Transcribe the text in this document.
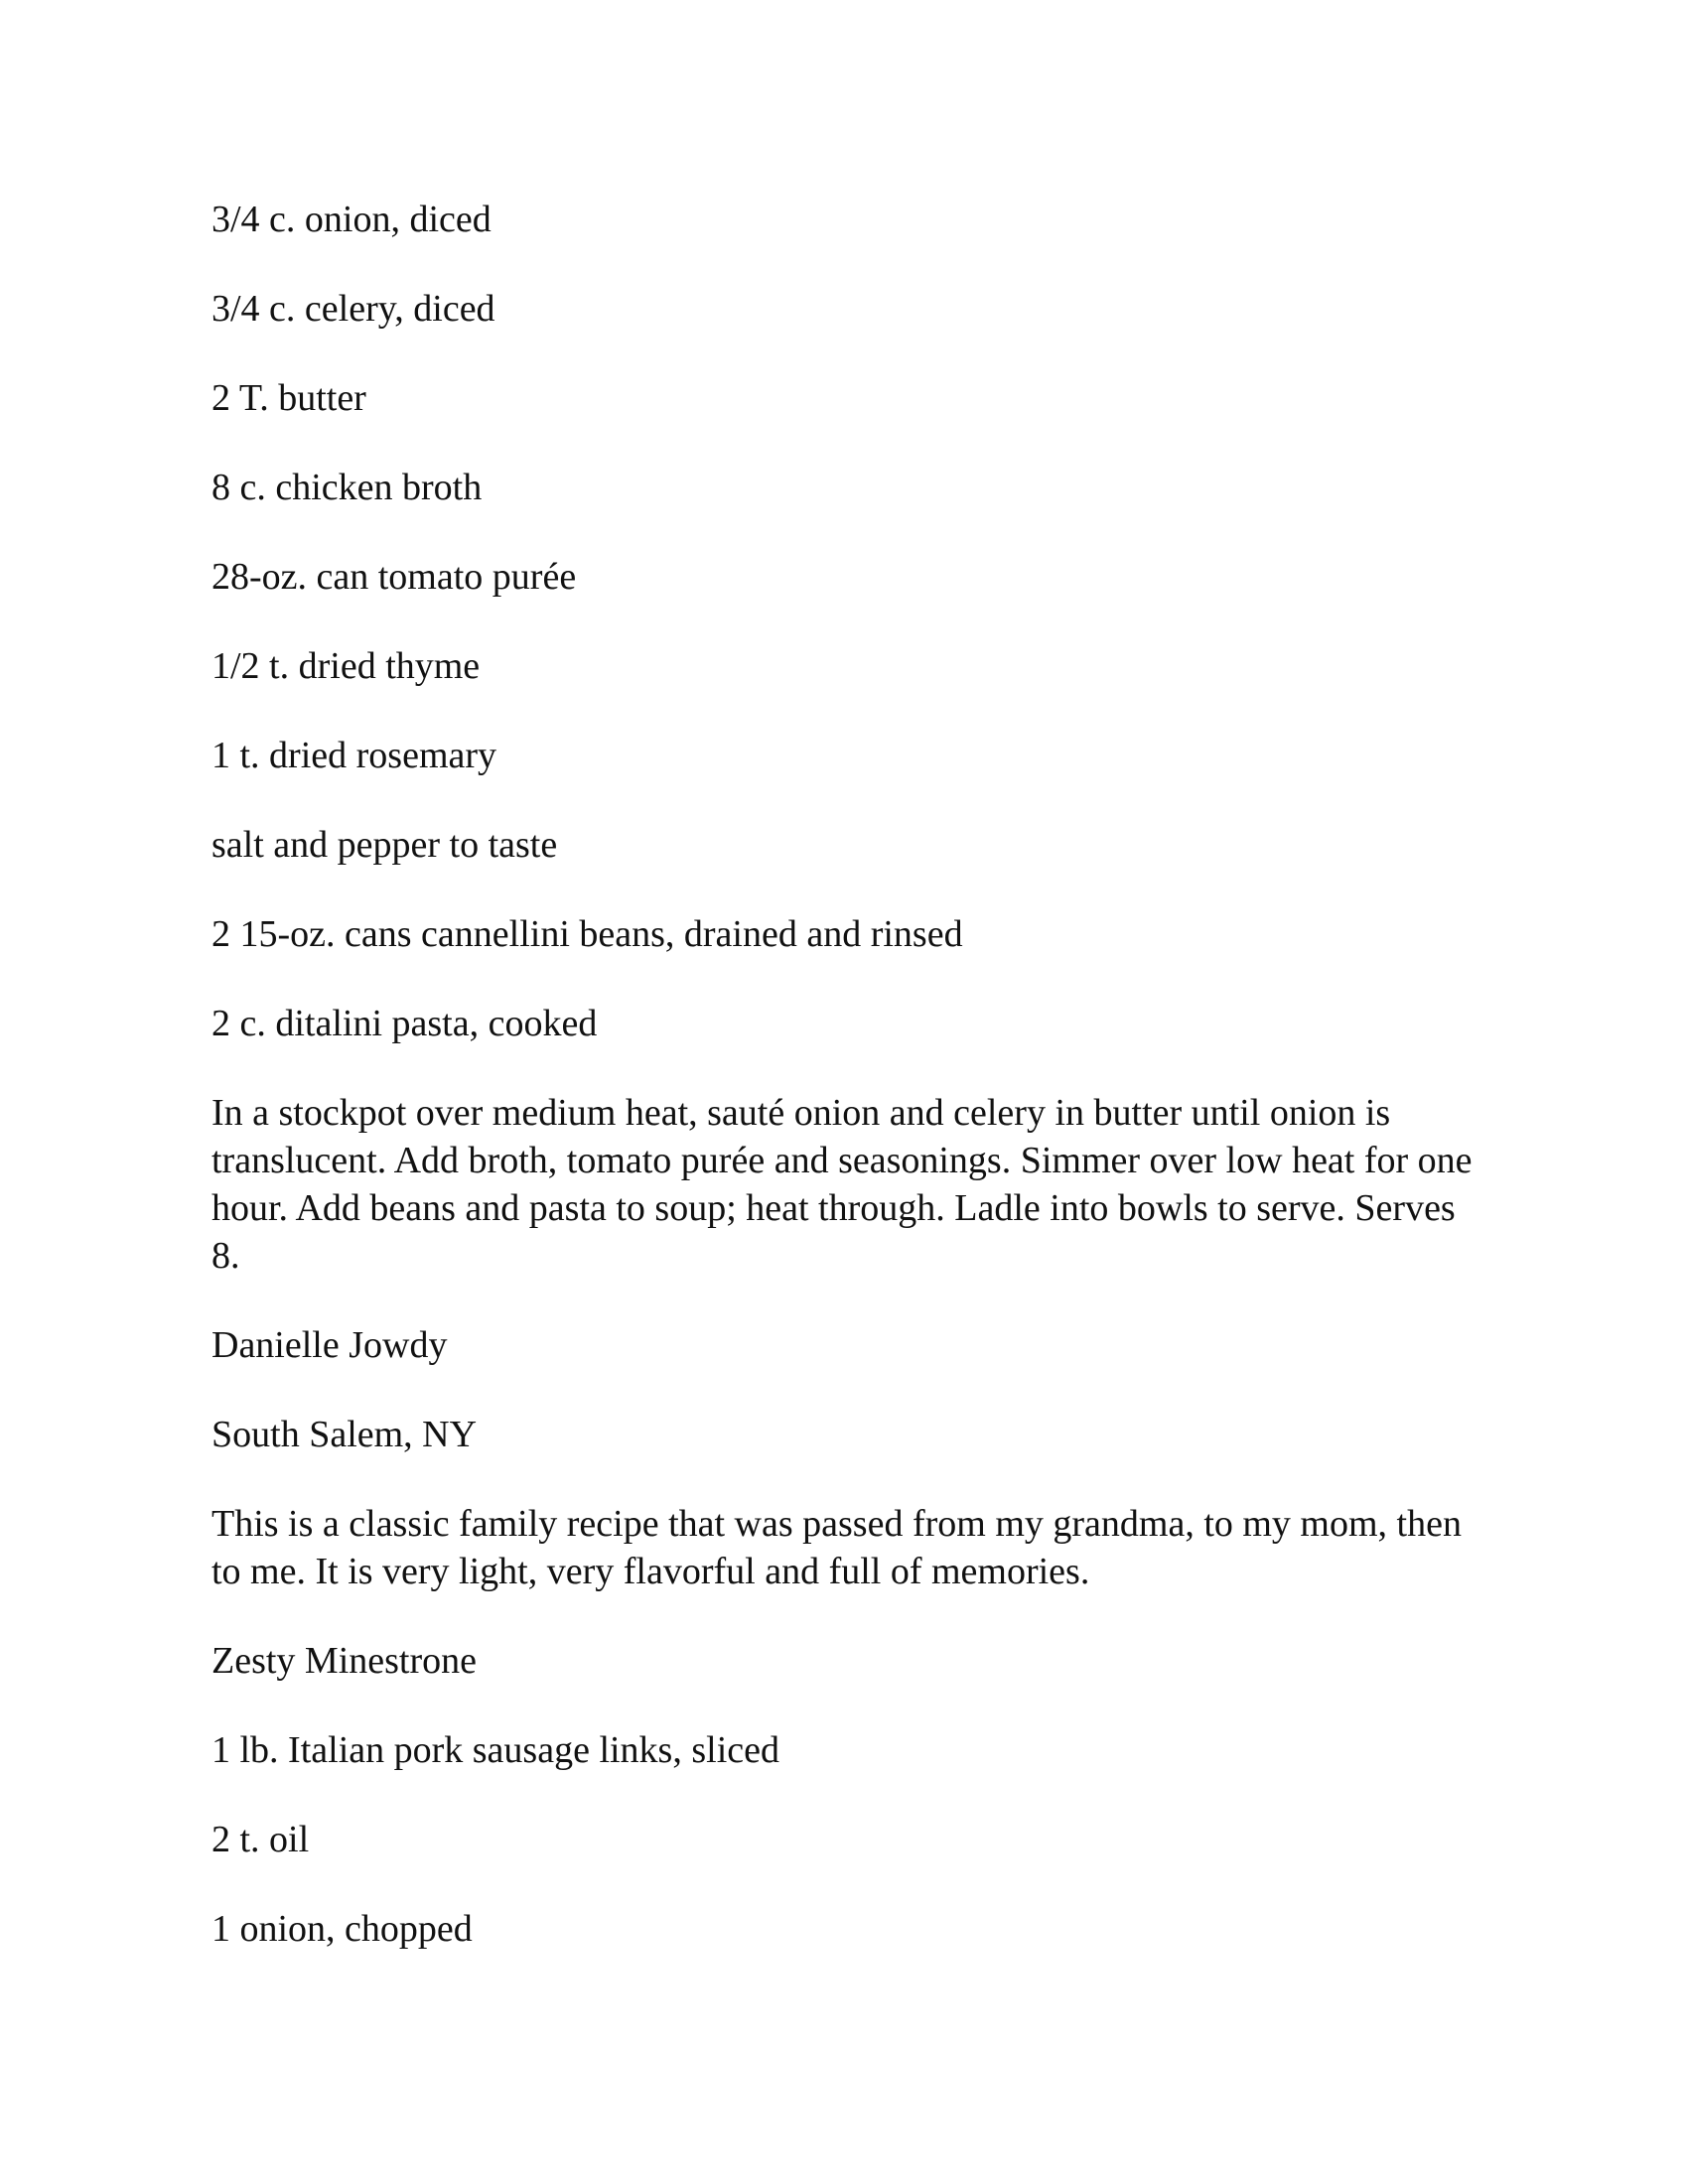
3/4 c. onion, diced

3/4 c. celery, diced

2 T. butter

8 c. chicken broth

28-oz. can tomato purée

1/2 t. dried thyme

1 t. dried rosemary

salt and pepper to taste

2 15-oz. cans cannellini beans, drained and rinsed

2 c. ditalini pasta, cooked

In a stockpot over medium heat, sauté onion and celery in butter until onion is translucent. Add broth, tomato purée and seasonings. Simmer over low heat for one hour. Add beans and pasta to soup; heat through. Ladle into bowls to serve. Serves 8.

Danielle Jowdy

South Salem, NY

This is a classic family recipe that was passed from my grandma, to my mom, then to me. It is very light, very flavorful and full of memories.

Zesty Minestrone

1 lb. Italian pork sausage links, sliced

2 t. oil

1 onion, chopped
